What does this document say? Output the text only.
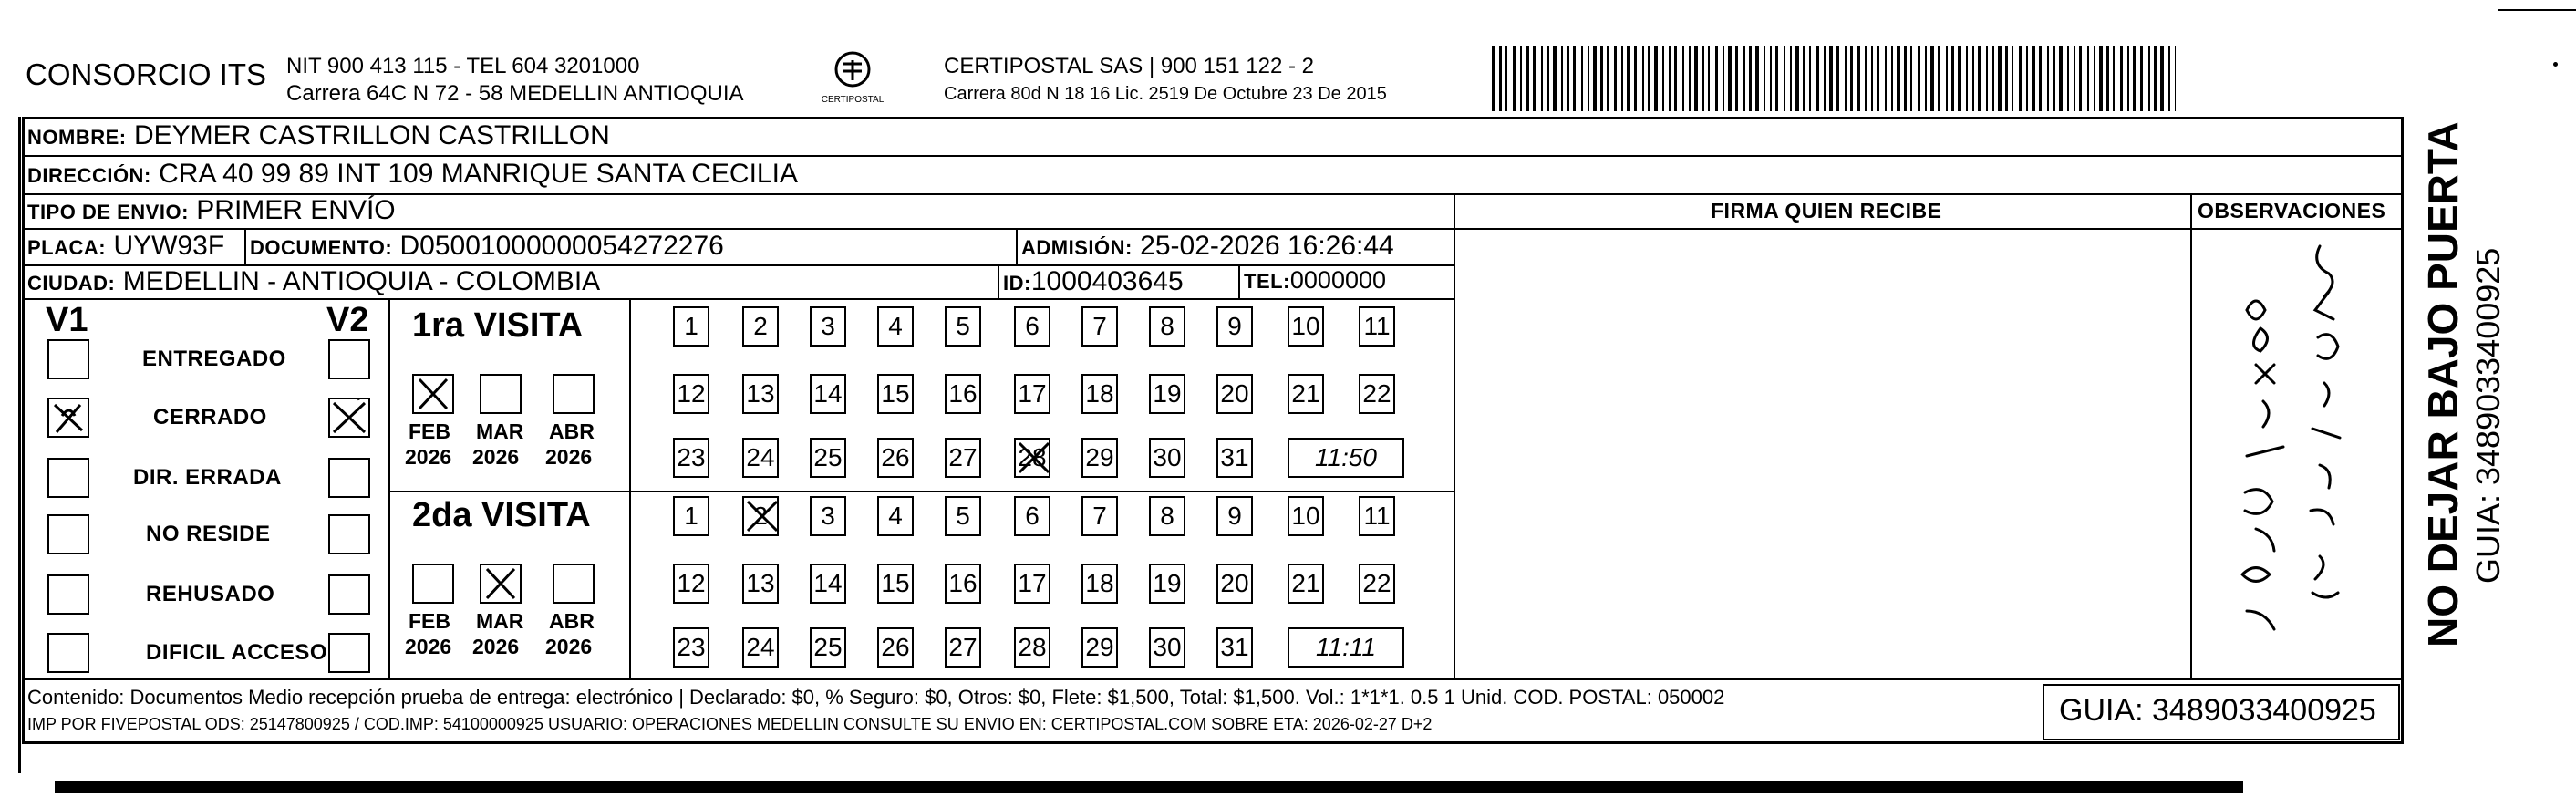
CONSORCIO ITS NIT 900 413 115 - TEL 604 3201000
Carrera 64C N 72 - 58 MEDELLIN ANTIOQUIA	CERTIPOSTAL
CERTIPOSTAL SAS | 900 151 122 - 2
Carrera 80d N 18 16 Lic. 2519 De Octubre 23 De 2015
NOMBRE: DEYMER CASTRILLON CASTRILLON
DIRECCIÓN: CRA 40 99 89 INT 109 MANRIQUE SANTA CECILIA
TIPO DE ENVIO: PRIMER ENVÍO
PLACA: UYW93F DOCUMENTO: D05001000000054272276	ADMISIÓN: 25-02-2026 16:26:44
CIUDAD: MEDELLIN - ANTIOQUIA - COLOMBIA	ID:1000403645	TEL:0000000
FIRMA QUIEN RECIBE	OBSERVACIONES
V1	V2
ENTREGADO
CERRADO
DIR. ERRADA
NO RESIDE
REHUSADO
DIFICIL ACCESO
1ra VISITA
FEB
2026
MAR
2026
ABR
2026
1 2 3 4 5 6 7 8 9 10 11
12 13 14 15 16 17 18 19 20 21 22
23 24 25 26 27 28 29 30 31	11:50
2da VISITA
FEB
2026
MAR
2026
ABR
2026
1 2 3 4 5 6 7 8 9 10 11
12 13 14 15 16 17 18 19 20 21 22
23 24 25 26 27 28 29 30 31	11:11
Contenido: Documentos Medio recepción prueba de entrega: electrónico | Declarado: $0, % Seguro: $0, Otros: $0, Flete: $1,500, Total: $1,500. Vol.: 1*1*1. 0.5 1 Unid. COD. POSTAL: 050002
IMP POR FIVEPOSTAL ODS: 25147800925 / COD.IMP: 54100000925 USUARIO: OPERACIONES MEDELLIN CONSULTE SU ENVIO EN: CERTIPOSTAL.COM SOBRE ETA: 2026-02-27 D+2	GUIA: 3489033400925
NO DEJAR BAJO PUERTA GUIA: 3489033400925
